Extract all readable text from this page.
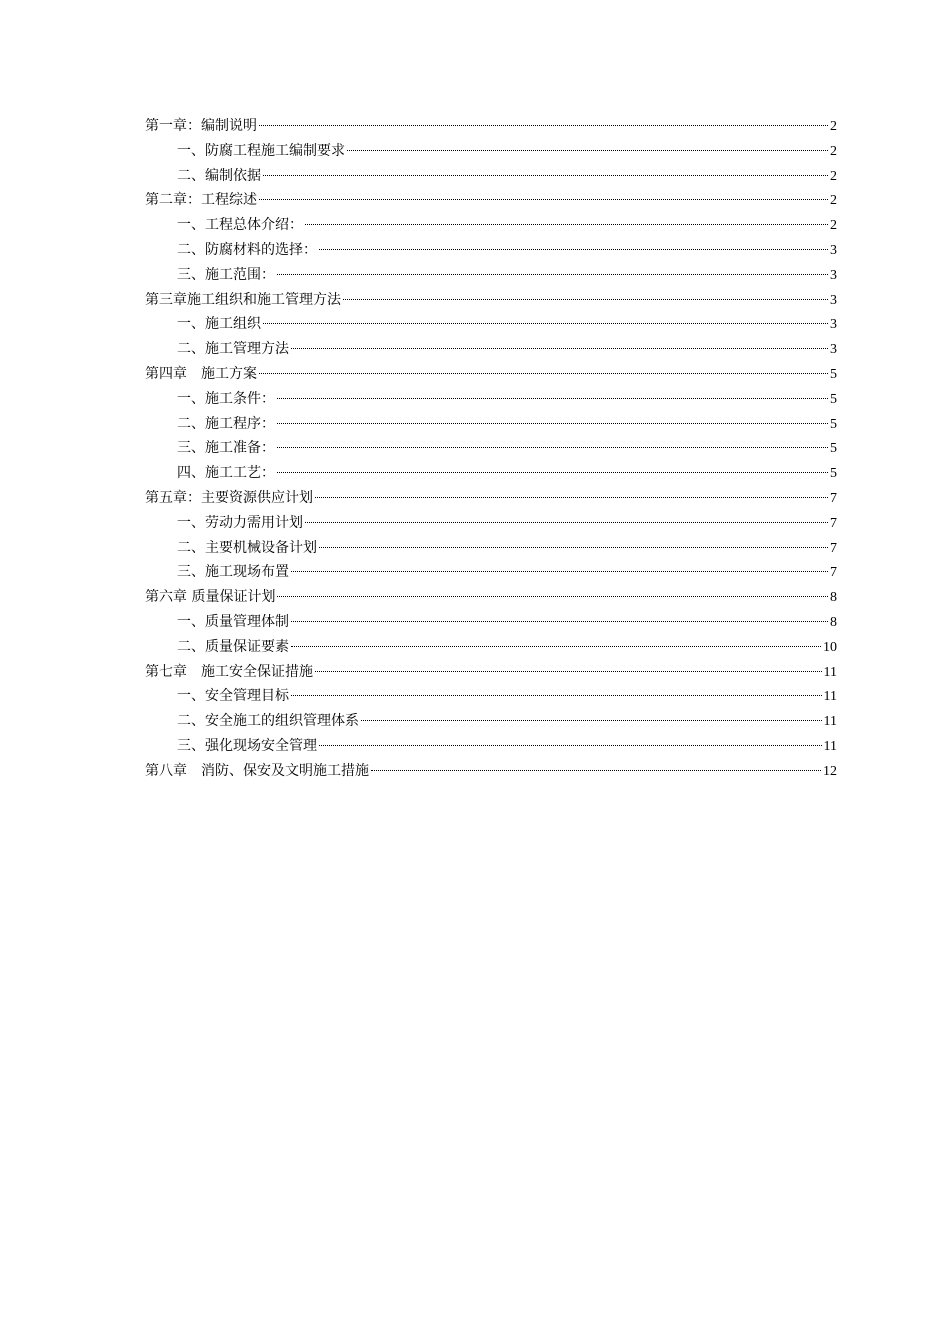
第一章：编制说明	2
一、防腐工程施工编制要求	2
二、编制依据	2
第二章：工程综述	2
一、工程总体介绍：	2
二、防腐材料的选择：	3
三、施工范围：	3
第三章施工组织和施工管理方法	3
一、施工组织	3
二、施工管理方法	3
第四章　施工方案	5
一、施工条件：	5
二、施工程序：	5
三、施工准备：	5
四、施工工艺：	5
第五章：主要资源供应计划	7
一、劳动力需用计划	7
二、主要机械设备计划	7
三、施工现场布置	7
第六章 质量保证计划	8
一、质量管理体制	8
二、质量保证要素	10
第七章　施工安全保证措施	11
一、安全管理目标	11
二、安全施工的组织管理体系	11
三、强化现场安全管理	11
第八章　消防、保安及文明施工措施	12
